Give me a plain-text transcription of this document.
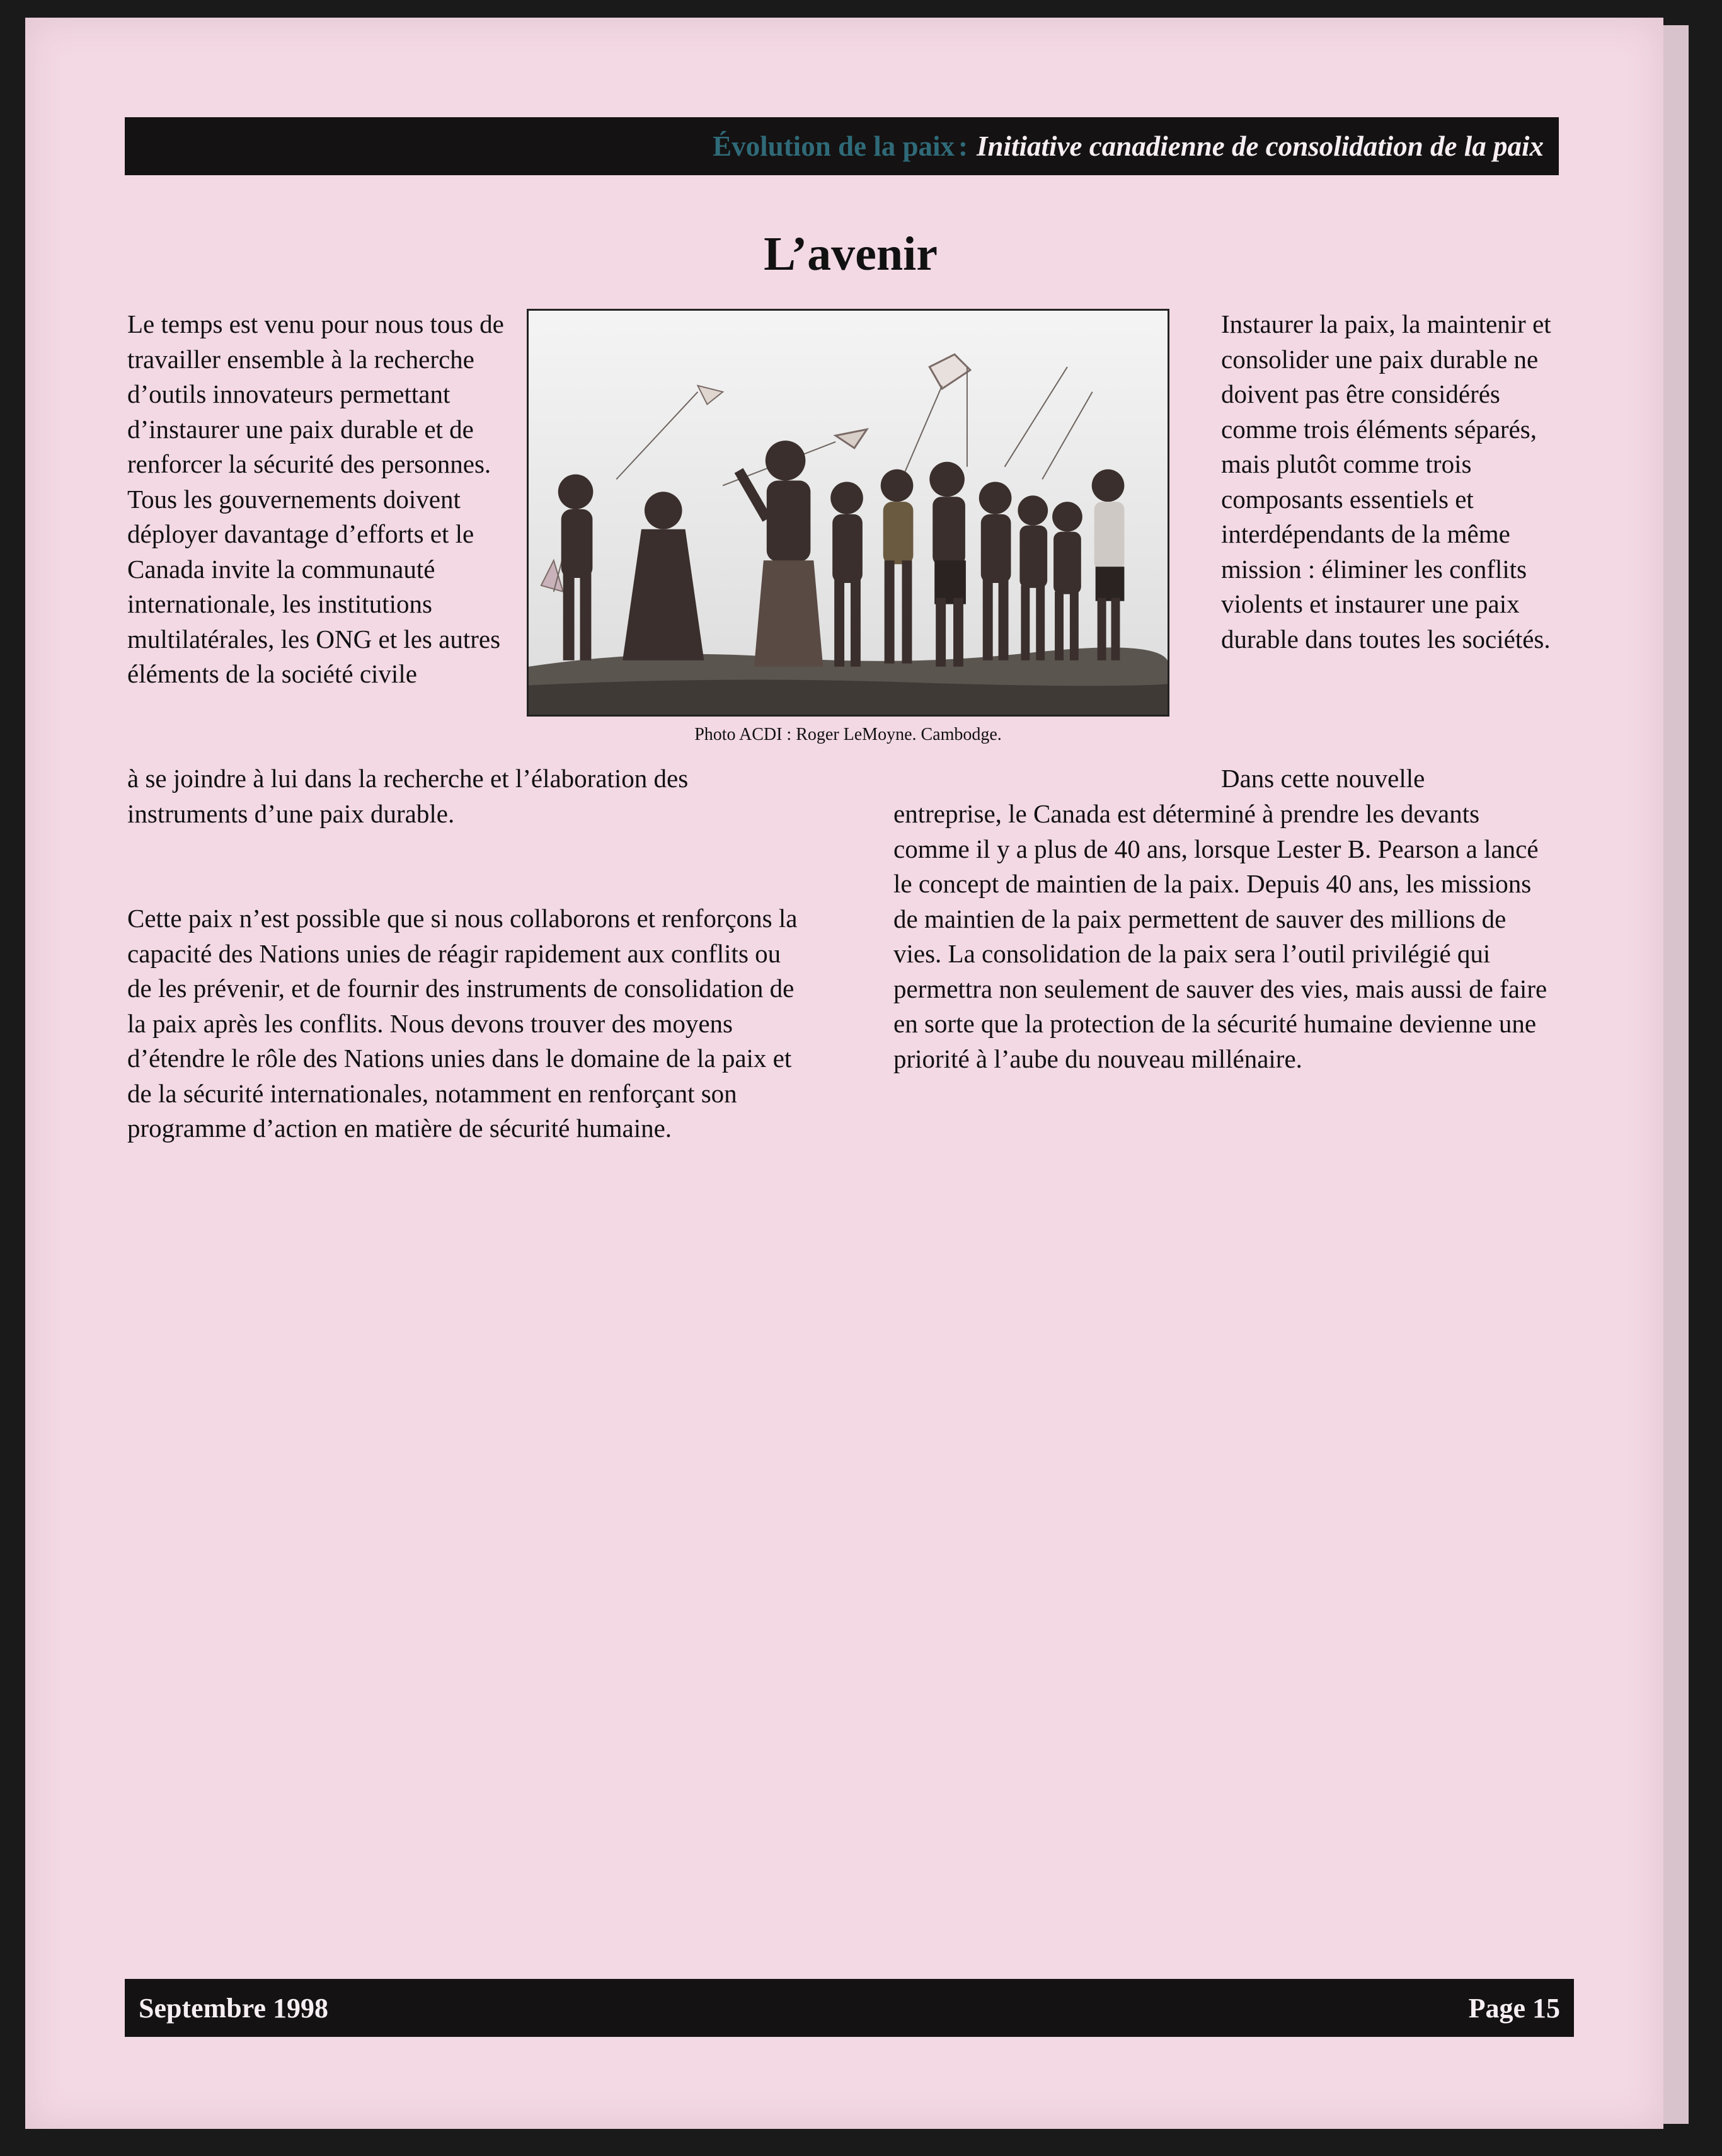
Évolution de la paix : Initiative canadienne de consolidation de la paix
L’avenir

Le temps est venu pour nous tous de travailler ensemble à la recherche d’outils innovateurs permettant d’instaurer une paix durable et de renforcer la sécurité des personnes. Tous les gouvernements doivent déployer davantage d’efforts et le Canada invite la communauté internationale, les institutions multilatérales, les ONG et les autres éléments de la société civile

à se joindre à lui dans la recherche et l’élaboration des instruments d’une paix durable.

Cette paix n’est possible que si nous collaborons et renforçons la capacité des Nations unies de réagir rapidement aux conflits ou de les prévenir, et de fournir des instruments de consolidation de la paix après les conflits. Nous devons trouver des moyens d’étendre le rôle des Nations unies dans le domaine de la paix et de la sécurité internationales, notamment en renforçant son programme d’action en matière de sécurité humaine.

Photo ACDI : Roger LeMoyne. Cambodge.

Instaurer la paix, la maintenir et consolider une paix durable ne doivent pas être considérés comme trois éléments séparés, mais plutôt comme trois composants essentiels et interdépendants de la même mission : éliminer les conflits violents et instaurer une paix durable dans toutes les sociétés.

Dans cette nouvelle

entreprise, le Canada est déterminé à prendre les devants comme il y a plus de 40 ans, lorsque Lester B. Pearson a lancé le concept de maintien de la paix. Depuis 40 ans, les missions de maintien de la paix permettent de sauver des millions de vies. La consolidation de la paix sera l’outil privilégié qui permettra non seulement de sauver des vies, mais aussi de faire en sorte que la protection de la sécurité humaine devienne une priorité à l’aube du nouveau millénaire.

Septembre 1998	Page 15
